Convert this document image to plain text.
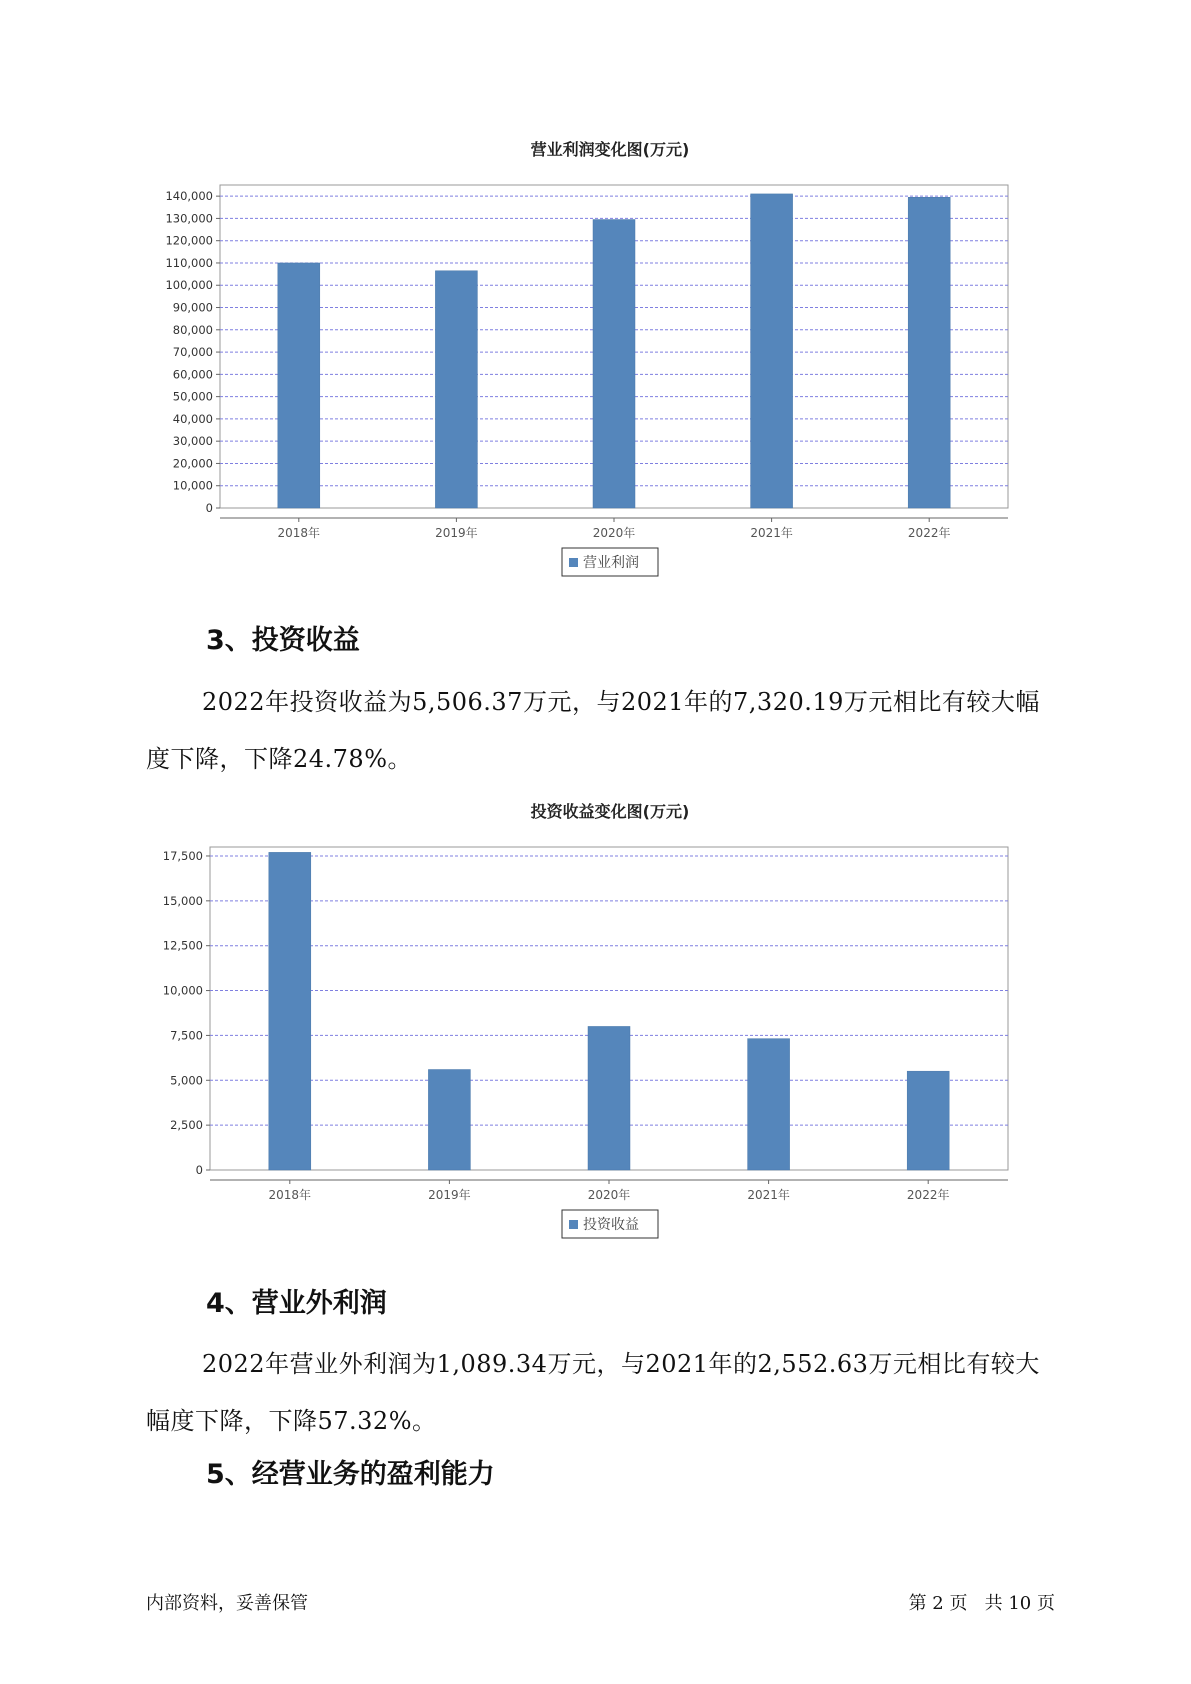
营业利润变化图(万元)
0
10,000
20,000
30,000
40,000
50,000
60,000
70,000
80,000
90,000
100,000
110,000
120,000
130,000
140,000
2018年	2019年	2020年	2021年	2022年
营业利润
3、投资收益

2022年投资收益为5,506.37万元，与2021年的7,320.19万元相比有较大幅度下降，下降24.78%。

投资收益变化图(万元)
0
2,500
5,000
7,500
10,000
12,500
15,000
17,500
2018年	2019年	2020年	2021年	2022年
投资收益
4、营业外利润

2022年营业外利润为1,089.34万元，与2021年的2,552.63万元相比有较大幅度下降，下降57.32%。

5、经营业务的盈利能力
内部资料，妥善保管	第 2 页   共 10 页
